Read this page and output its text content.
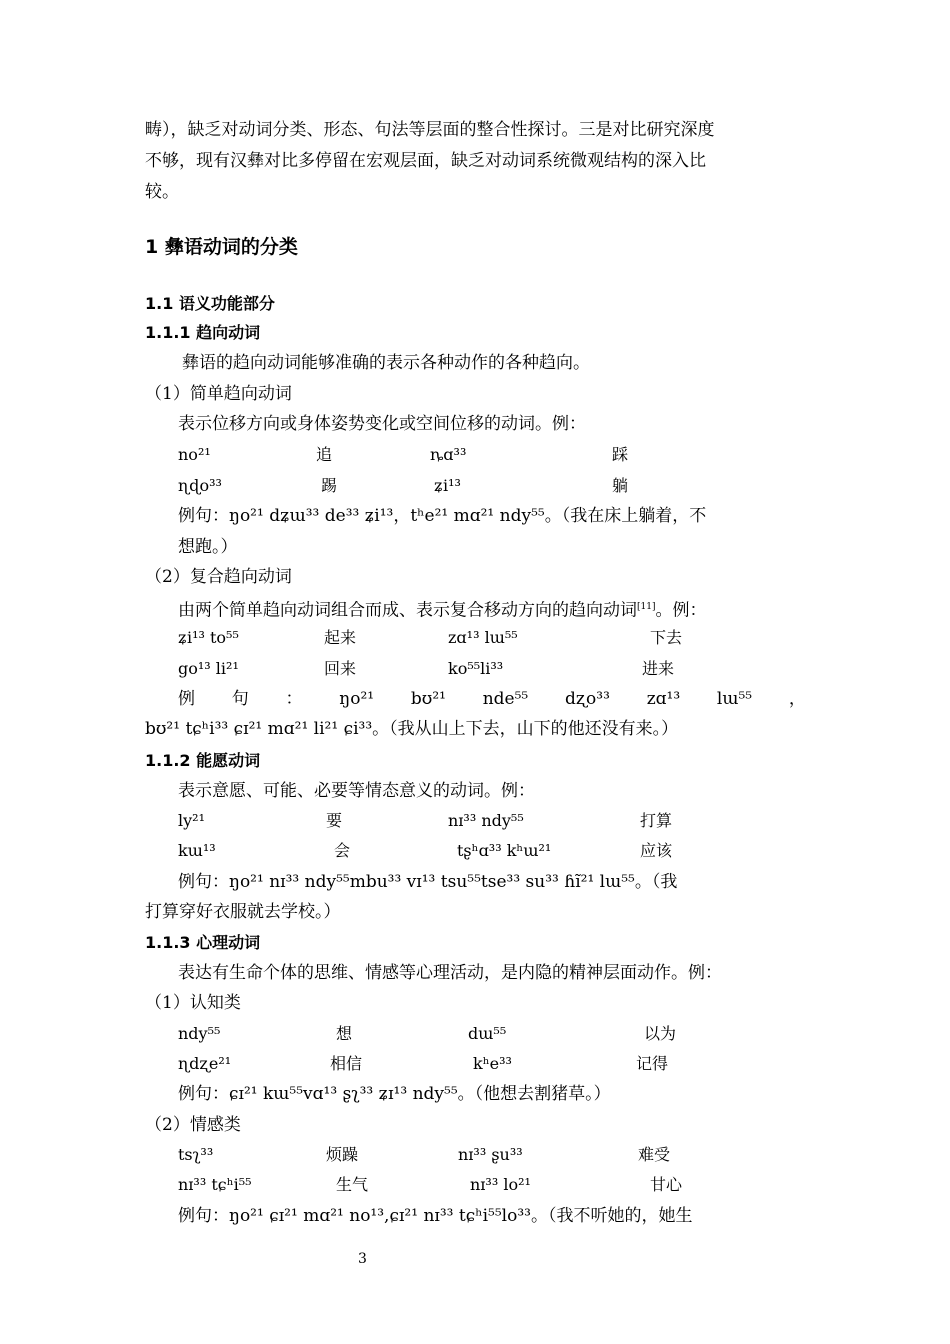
畴），缺乏对动词分类、形态、句法等层面的整合性探讨。三是对比研究深度
不够，现有汉彝对比多停留在宏观层面，缺乏对动词系统微观结构的深入比
较。
1 彝语动词的分类
1.1 语义功能部分
1.1.1 趋向动词
彝语的趋向动词能够准确的表示各种动作的各种趋向。
（1）简单趋向动词
表示位移方向或身体姿势变化或空间位移的动词。例：
no²¹	追	ȵɑ³³	踩
ɳɖo³³	踢	ʑi¹³	躺
例句：ŋo²¹ dʑɯ³³ de³³ ʑi¹³，tʰe²¹ mɑ²¹ ndy⁵⁵。（我在床上躺着，不
想跑。）
（2）复合趋向动词
由两个简单趋向动词组合而成、表示复合移动方向的趋向动词[11]。例：
ʑi¹³ to⁵⁵	起来	zɑ¹³ lɯ⁵⁵	下去
go¹³ li²¹	回来	ko⁵⁵li³³	进来
例 句 ： ŋo²¹ bʊ²¹ nde⁵⁵ dʐo³³ zɑ¹³ lɯ⁵⁵ ，
bʊ²¹ tɕʰi³³ ɕɪ²¹ mɑ²¹ li²¹ ɕi³³。（我从山上下去，山下的他还没有来。）
1.1.2 能愿动词
表示意愿、可能、必要等情态意义的动词。例：
ly²¹	要	nɪ³³ ndy⁵⁵	打算
kɯ¹³	会	tʂʰɑ³³ kʰɯ²¹	应该
例句：ŋo²¹ nɪ³³ ndy⁵⁵mbu³³ vɪ¹³ tsu⁵⁵tse³³ su³³ ɦĩ²¹ lɯ⁵⁵。（我
打算穿好衣服就去学校。）
1.1.3 心理动词
表达有生命个体的思维、情感等心理活动，是内隐的精神层面动作。例：
（1）认知类
ndy⁵⁵	想	dɯ⁵⁵	以为
ɳdʐe²¹	相信	kʰe³³	记得
例句：ɕɪ²¹ kɯ⁵⁵vɑ¹³ ʂʅ³³ ʑɪ¹³ ndy⁵⁵。（他想去割猪草。）
（2）情感类
tsʅ³³	烦躁	nɪ³³ ʂu³³	难受
nɪ³³ tɕʰi⁵⁵	生气	nɪ³³ lo²¹	甘心
例句：ŋo²¹ ɕɪ²¹ mɑ²¹ no¹³,ɕɪ²¹ nɪ³³ tɕʰi⁵⁵lo³³。（我不听她的，她生
3
